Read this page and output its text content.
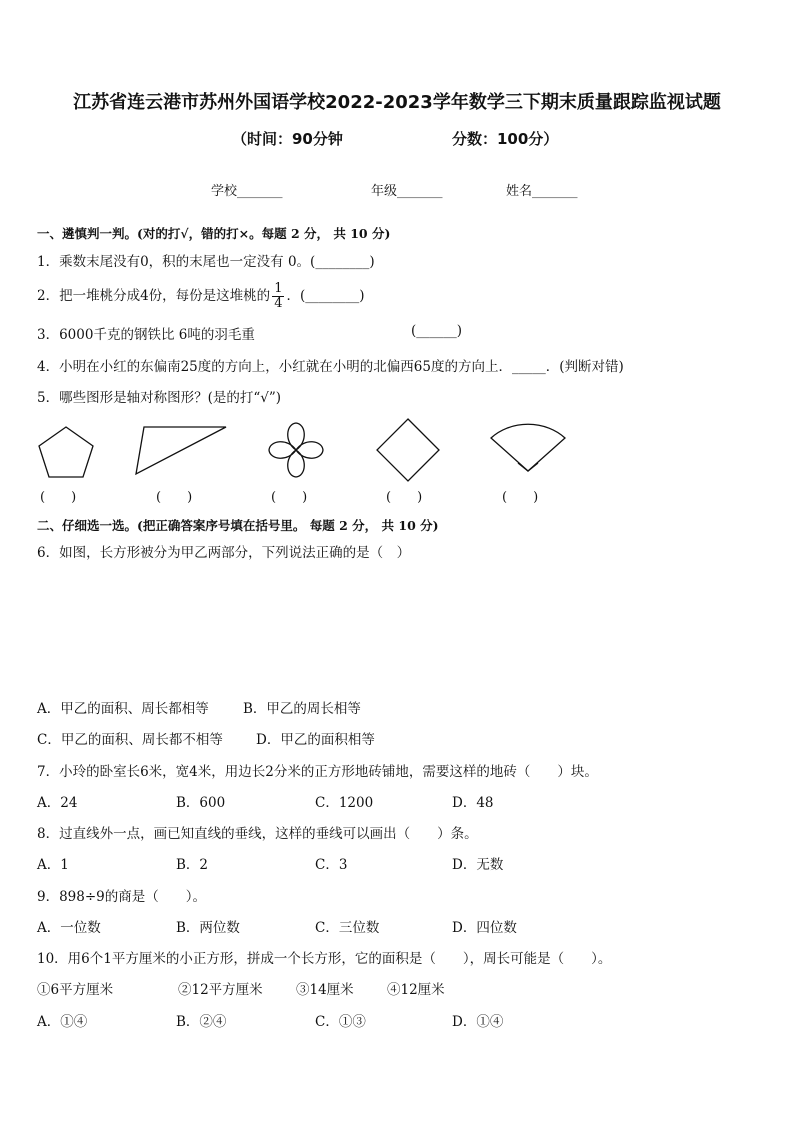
江苏省连云港市苏州外国语学校2022-2023学年数学三下期末质量跟踪监视试题
（时间：90分钟	分数：100分）
学校_______	年级_______	姓名_______
一、遴慎判一判。(对的打√，错的打×。每题 2 分， 共 10 分)
1．乘数末尾没有0，积的末尾也一定没有 0。(________)
2．把一堆桃分成4份，每份是这堆桃的 $\frac{1}{4}$ ．(________)
3．6000千克的钢铁比 6吨的羽毛重	(______)
4．小明在小红的东偏南25度的方向上，小红就在小明的北偏西65度的方向上．_____．(判断对错)
5．哪些图形是轴对称图形？(是的打“√”)
(　　)	(　　)	(　　)	(　　)	(　　)
二、仔细选一选。(把正确答案序号填在括号里。 每题 2 分， 共 10 分)
6．如图，长方形被分为甲乙两部分，下列说法正确的是（　）
A．甲乙的面积、周长都相等	B．甲乙的周长相等
C．甲乙的面积、周长都不相等 D．甲乙的面积相等
7．小玲的卧室长6米，宽4米，用边长2分米的正方形地砖铺地，需要这样的地砖（　　）块。
A．24	B．600	C．1200	D．48
8．过直线外一点，画已知直线的垂线，这样的垂线可以画出（　　）条。
A．1	B．2	C．3	D．无数
9．898÷9的商是（　　）。
A．一位数	B．两位数	C．三位数	D．四位数
10．用6个1平方厘米的小正方形，拼成一个长方形，它的面积是（　　），周长可能是（　　）。
①6平方厘米	②12平方厘米 ③14厘米 ④12厘米
A．①④	B．②④	C．①③	D．①④
